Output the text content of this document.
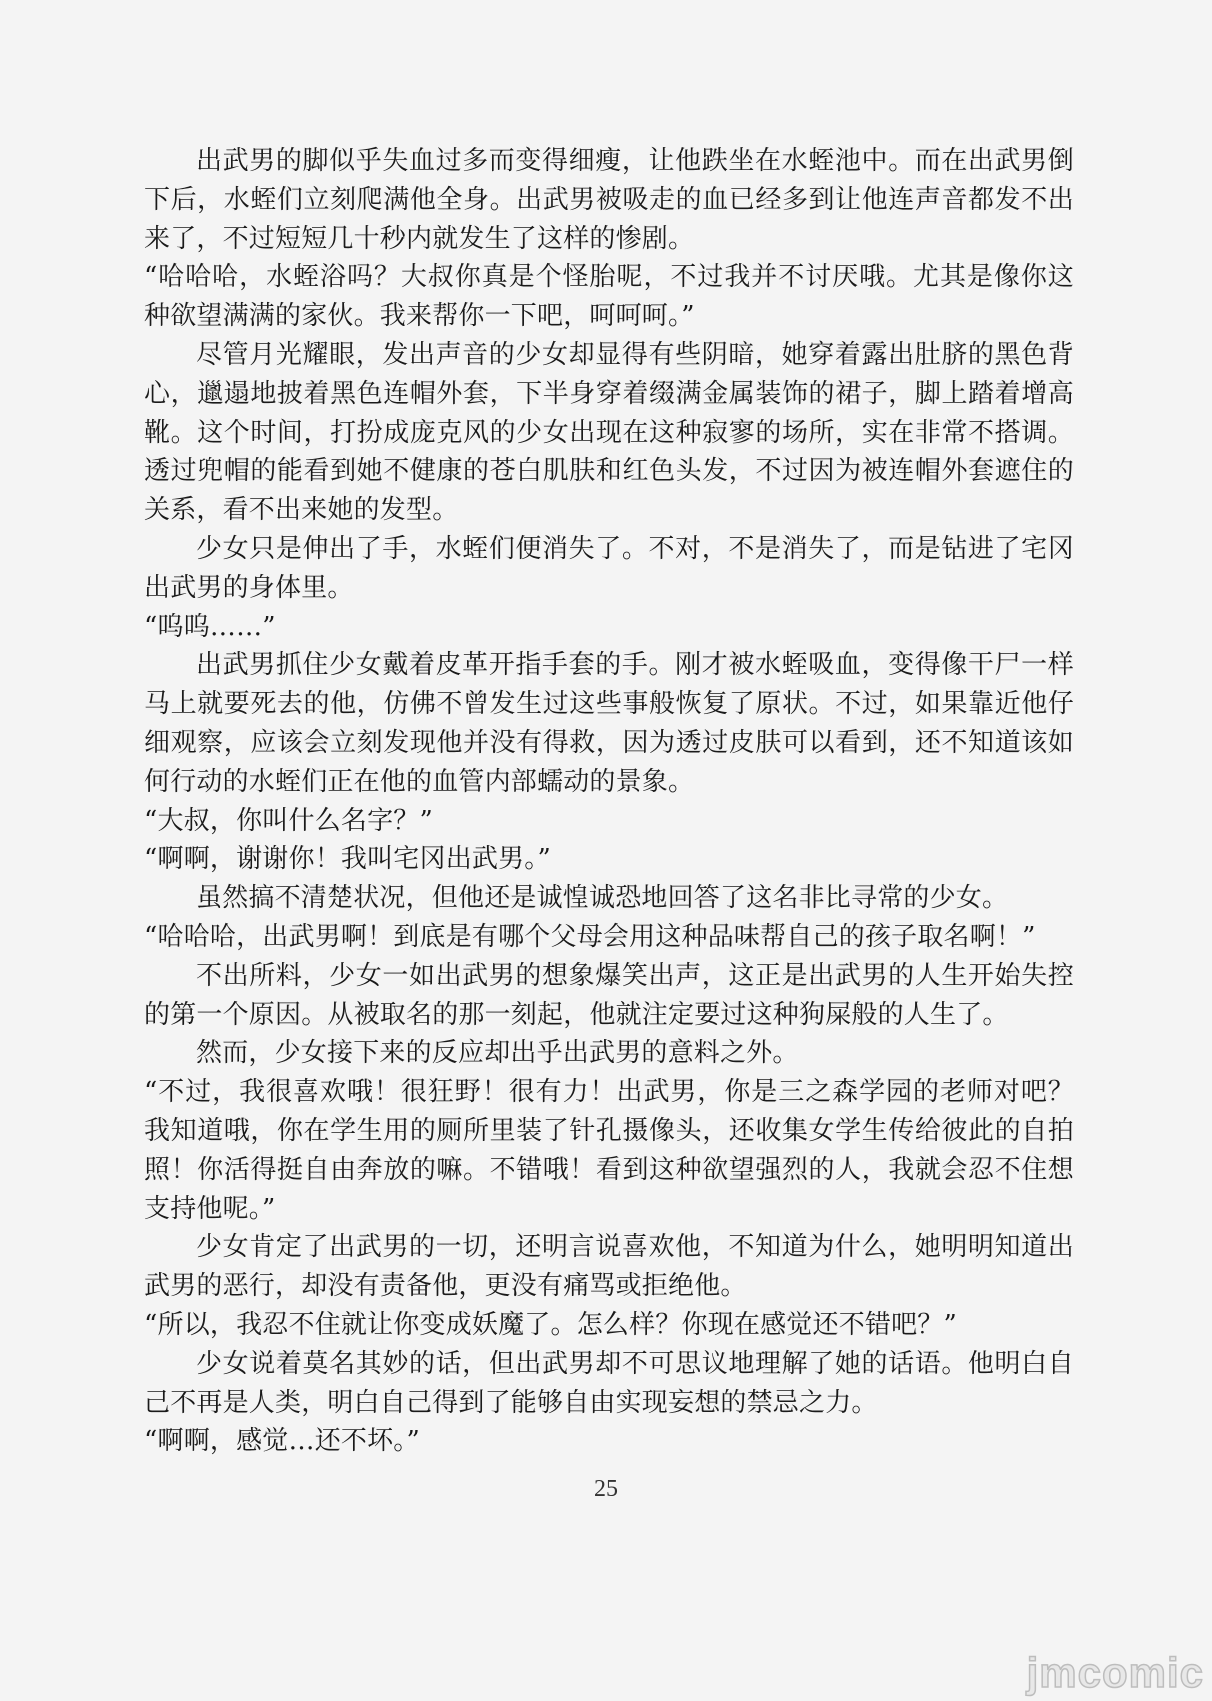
出武男的脚似乎失血过多而变得细瘦，让他跌坐在水蛭池中。而在出武男倒下后，水蛭们立刻爬满他全身。出武男被吸走的血已经多到让他连声音都发不出来了，不过短短几十秒内就发生了这样的惨剧。

“哈哈哈，水蛭浴吗？大叔你真是个怪胎呢，不过我并不讨厌哦。尤其是像你这种欲望满满的家伙。我来帮你一下吧，呵呵呵。”

尽管月光耀眼，发出声音的少女却显得有些阴暗，她穿着露出肚脐的黑色背心，邋遢地披着黑色连帽外套，下半身穿着缀满金属装饰的裙子，脚上踏着增高靴。这个时间，打扮成庞克风的少女出现在这种寂寥的场所，实在非常不搭调。透过兜帽的能看到她不健康的苍白肌肤和红色头发，不过因为被连帽外套遮住的关系，看不出来她的发型。

少女只是伸出了手，水蛭们便消失了。不对，不是消失了，而是钻进了宅冈出武男的身体里。

“呜呜……”

出武男抓住少女戴着皮革开指手套的手。刚才被水蛭吸血，变得像干尸一样马上就要死去的他，仿佛不曾发生过这些事般恢复了原状。不过，如果靠近他仔细观察，应该会立刻发现他并没有得救，因为透过皮肤可以看到，还不知道该如何行动的水蛭们正在他的血管内部蠕动的景象。

“大叔，你叫什么名字？”

“啊啊，谢谢你！我叫宅冈出武男。”

虽然搞不清楚状况，但他还是诚惶诚恐地回答了这名非比寻常的少女。

“哈哈哈，出武男啊！到底是有哪个父母会用这种品味帮自己的孩子取名啊！”

不出所料，少女一如出武男的想象爆笑出声，这正是出武男的人生开始失控的第一个原因。从被取名的那一刻起，他就注定要过这种狗屎般的人生了。

然而，少女接下来的反应却出乎出武男的意料之外。

“不过，我很喜欢哦！很狂野！很有力！出武男，你是三之森学园的老师对吧？我知道哦，你在学生用的厕所里装了针孔摄像头，还收集女学生传给彼此的自拍照！你活得挺自由奔放的嘛。不错哦！看到这种欲望强烈的人，我就会忍不住想支持他呢。”

少女肯定了出武男的一切，还明言说喜欢他，不知道为什么，她明明知道出武男的恶行，却没有责备他，更没有痛骂或拒绝他。

“所以，我忍不住就让你变成妖魔了。怎么样？你现在感觉还不错吧？”

少女说着莫名其妙的话，但出武男却不可思议地理解了她的话语。他明白自己不再是人类，明白自己得到了能够自由实现妄想的禁忌之力。

“啊啊，感觉…还不坏。”

25
jmcomic
